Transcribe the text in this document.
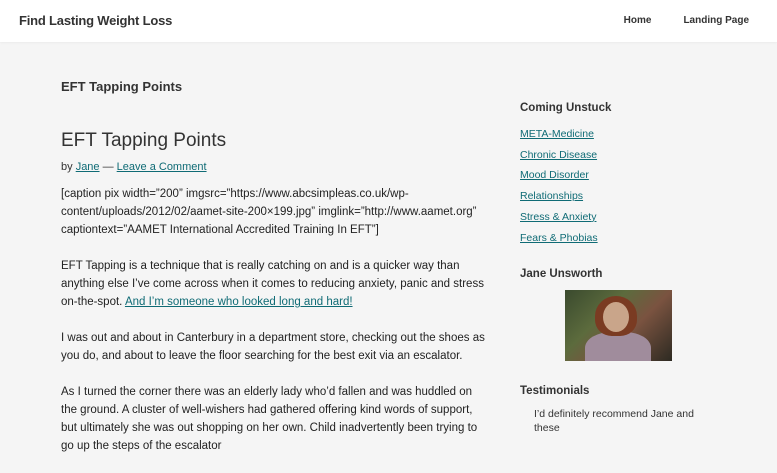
Find Lasting Weight Loss	Home	Landing Page
EFT Tapping Points
EFT Tapping Points
by Jane — Leave a Comment

[caption pix width=”200” imgsrc=”https://www.abcsimpleas.co.uk/wp-content/uploads/2012/02/aamet-site-200×199.jpg” imglink=”http://www.aamet.org” captiontext=”AAMET International Accredited Training In EFT”]

EFT Tapping is a technique that is really catching on and is a quicker way than anything else I’ve come across when it comes to reducing anxiety, panic and stress on-the-spot. And I’m someone who looked long and hard!

I was out and about in Canterbury in a department store, checking out the shoes as you do, and about to leave the floor searching for the best exit via an escalator.

As I turned the corner there was an elderly lady who’d fallen and was huddled on the ground. A cluster of well-wishers had gathered offering kind words of support, but ultimately she was out shopping on her own. Child inadvertently been trying to go up the steps of the escalator

Coming Unstuck
META-Medicine
Chronic Disease
Mood Disorder
Relationships
Stress & Anxiety
Fears & Phobias
Jane Unsworth
Testimonials
I’d definitely recommend Jane and these
